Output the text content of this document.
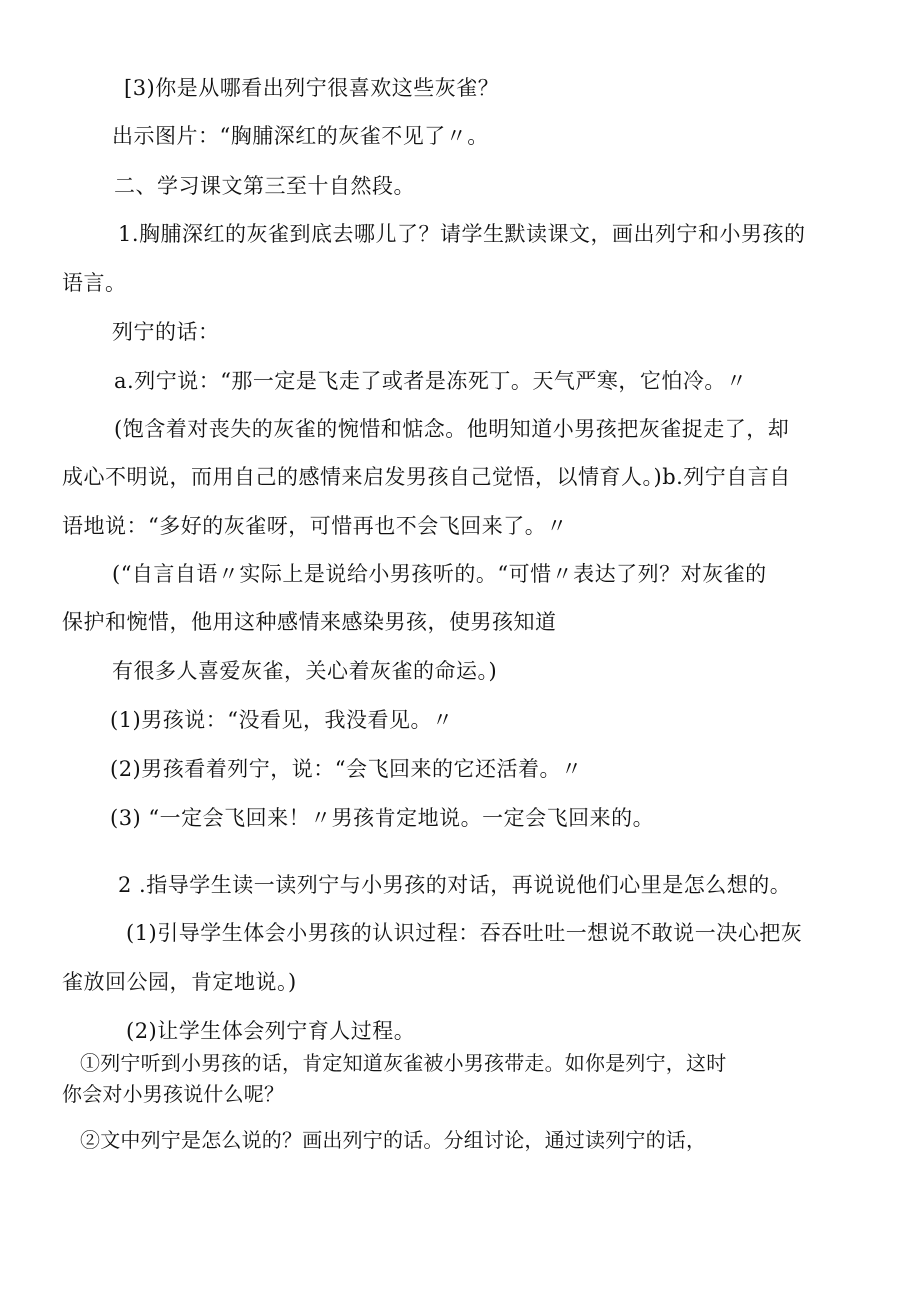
[3)你是从哪看出列宁很喜欢这些灰雀？
出示图片：“胸脯深红的灰雀不见了〃。
二、学习课文第三至十自然段。
1.胸脯深红的灰雀到底去哪儿了？请学生默读课文，画出列宁和小男孩的
语言。
列宁的话：
a.列宁说：“那一定是飞走了或者是冻死丁。天气严寒，它怕冷。〃
(饱含着对丧失的灰雀的惋惜和惦念。他明知道小男孩把灰雀捉走了，却
成心不明说，而用自己的感情来启发男孩自己觉悟，以情育人。)b.列宁自言自
语地说：“多好的灰雀呀，可惜再也不会飞回来了。〃
(“自言自语〃实际上是说给小男孩听的。“可惜〃表达了列？对灰雀的
保护和惋惜，他用这种感情来感染男孩，使男孩知道
有很多人喜爱灰雀，关心着灰雀的命运。)
(1)男孩说：“没看见，我没看见。〃
(2)男孩看着列宁，说：“会飞回来的它还活着。〃
(3) “一定会飞回来！〃男孩肯定地说。一定会飞回来的。
2 .指导学生读一读列宁与小男孩的对话，再说说他们心里是怎么想的。
(1)引导学生体会小男孩的认识过程：吞吞吐吐一想说不敢说一决心把灰
雀放回公园，肯定地说。)
(2)让学生体会列宁育人过程。
①列宁听到小男孩的话，肯定知道灰雀被小男孩带走。如你是列宁，这时
你会对小男孩说什么呢？
②文中列宁是怎么说的？画出列宁的话。分组讨论，通过读列宁的话，
